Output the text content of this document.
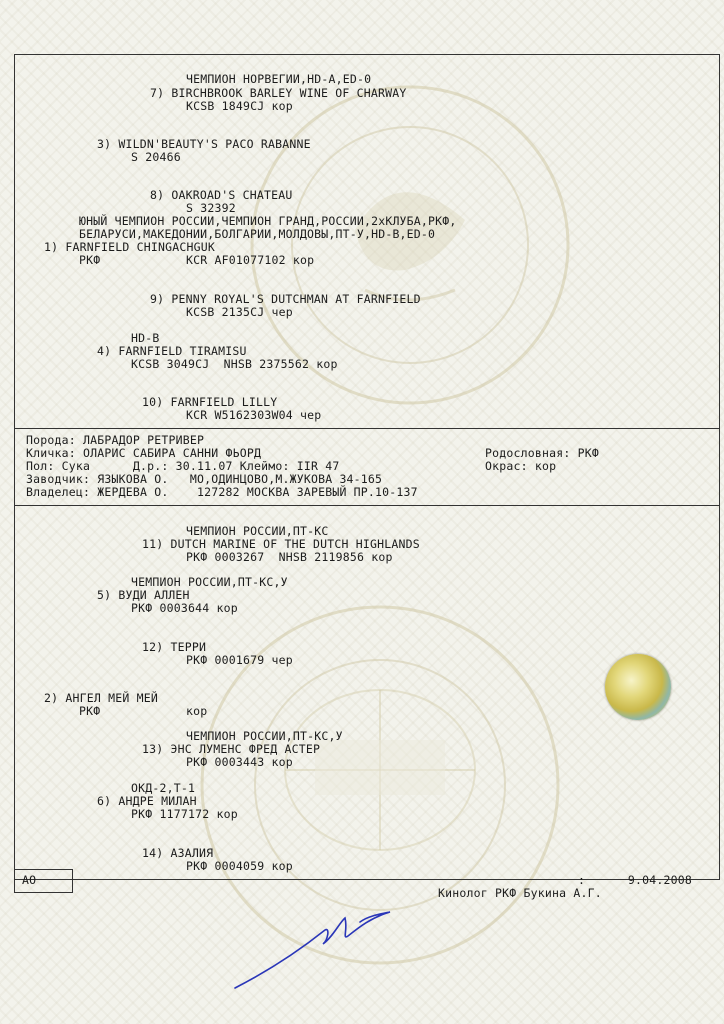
ЧЕМПИОН НОРВЕГИИ,HD-A,ED-0
7) BIRCHBROOK BARLEY WINE OF CHARWAY
KCSB 1849CJ кор
3) WILDN'BEAUTY'S PACO RABANNE
S 20466
8) OAKROAD'S CHATEAU
S 32392
ЮНЫЙ ЧЕМПИОН РОССИИ,ЧЕМПИОН ГРАНД,РОССИИ,2хКЛУБА,РКФ,
БЕЛАРУСИ,МАКЕДОНИИ,БОЛГАРИИ,МОЛДОВЫ,ПТ-У,HD-B,ED-0
1) FARNFIELD CHINGACHGUK
РКФ	KCR AF01077102 кор
9) PENNY ROYAL'S DUTCHMAN AT FARNFIELD
KCSB 2135CJ чер
HD-B
4) FARNFIELD TIRAMISU
KCSB 3049CJ  NHSB 2375562 кор
10) FARNFIELD LILLY
KCR W5162303W04 чер
Порода: ЛАБРАДОР РЕТРИВЕР
Кличка: ОЛАРИС САБИРА САННИ ФЬОРД	Родословная: РКФ
Пол: Сука      Д.р.: 30.11.07 Клеймо: IIR 47	Окрас: кор
Заводчик: ЯЗЫКОВА О.   МО,ОДИНЦОВО,М.ЖУКОВА 34-165
Владелец: ЖЕРДЕВА О.    127282 МОСКВА ЗАРЕВЫЙ ПР.10-137
ЧЕМПИОН РОССИИ,ПТ-КС
11) DUTCH MARINE OF THE DUTCH HIGHLANDS
РКФ 0003267  NHSB 2119856 кор
ЧЕМПИОН РОССИИ,ПТ-КС,У
5) ВУДИ АЛЛЕН
РКФ 0003644 кор
12) ТЕРРИ
РКФ 0001679 чер
2) АНГЕЛ МЕЙ МЕЙ
РКФ	кор
ЧЕМПИОН РОССИИ,ПТ-КС,У
13) ЭНС ЛУМЕНС ФРЕД АСТЕР
РКФ 0003443 кор
ОКД-2,Т-1
6) АНДРЕ МИЛАН
РКФ 1177172 кор
14) АЗАЛИЯ
РКФ 0004059 кор
АО	:      9.04.2008
Кинолог РКФ Букина А.Г.
